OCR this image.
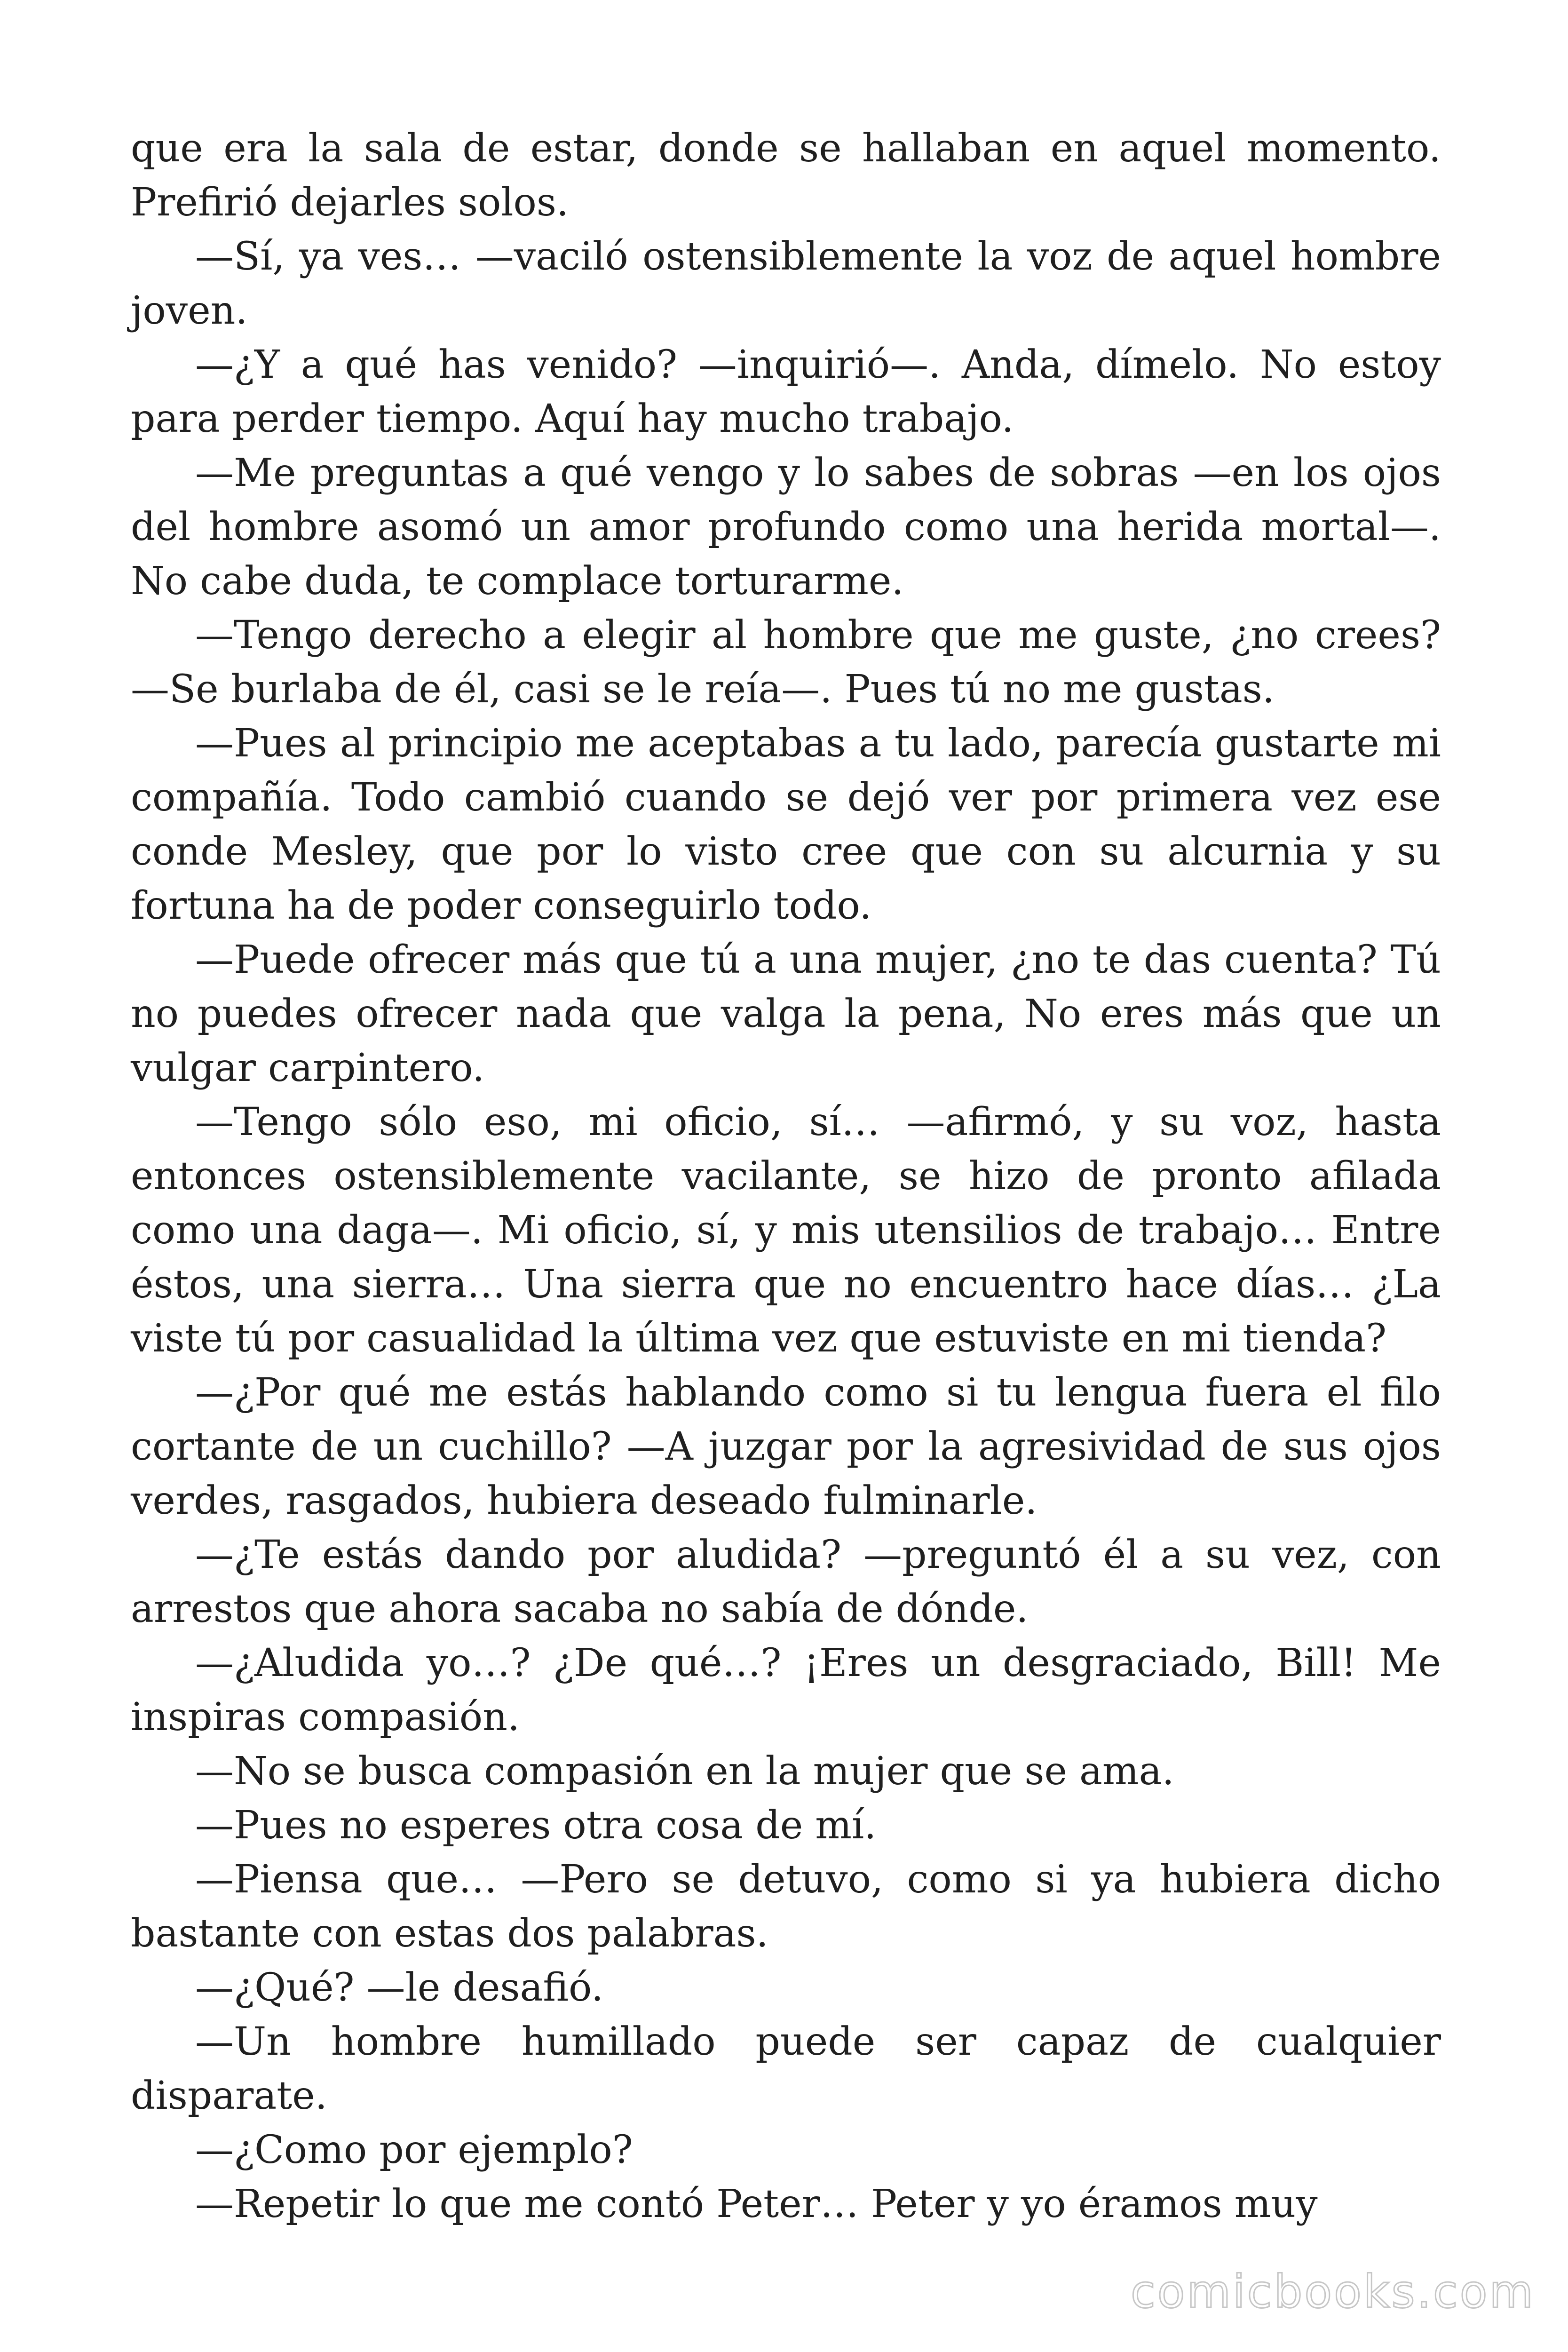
que era la sala de estar, donde se hallaban en aquel momento. Prefirió dejarles solos.

—Sí, ya ves… —vaciló ostensiblemente la voz de aquel hombre joven.

—¿Y a qué has venido? —inquirió—. Anda, dímelo. No estoy para perder tiempo. Aquí hay mucho trabajo.

—Me preguntas a qué vengo y lo sabes de sobras —en los ojos del hombre asomó un amor profundo como una herida mortal—. No cabe duda, te complace torturarme.

—Tengo derecho a elegir al hombre que me guste, ¿no crees? —Se burlaba de él, casi se le reía—. Pues tú no me gustas.

—Pues al principio me aceptabas a tu lado, parecía gustarte mi compañía. Todo cambió cuando se dejó ver por primera vez ese conde Mesley, que por lo visto cree que con su alcurnia y su fortuna ha de poder conseguirlo todo.

—Puede ofrecer más que tú a una mujer, ¿no te das cuenta? Tú no puedes ofrecer nada que valga la pena, No eres más que un vulgar carpintero.

—Tengo sólo eso, mi oficio, sí… —afirmó, y su voz, hasta entonces ostensiblemente vacilante, se hizo de pronto afilada como una daga—. Mi oficio, sí, y mis utensilios de trabajo… Entre éstos, una sierra… Una sierra que no encuentro hace días… ¿La viste tú por casualidad la última vez que estuviste en mi tienda?

—¿Por qué me estás hablando como si tu lengua fuera el filo cortante de un cuchillo? —A juzgar por la agresividad de sus ojos verdes, rasgados, hubiera deseado fulminarle.

—¿Te estás dando por aludida? —preguntó él a su vez, con arrestos que ahora sacaba no sabía de dónde.

—¿Aludida yo…? ¿De qué…? ¡Eres un desgraciado, Bill! Me inspiras compasión.

—No se busca compasión en la mujer que se ama.

—Pues no esperes otra cosa de mí.

—Piensa que… —Pero se detuvo, como si ya hubiera dicho bastante con estas dos palabras.

—¿Qué? —le desafió.

—Un hombre humillado puede ser capaz de cualquier disparate.

—¿Como por ejemplo?

—Repetir lo que me contó Peter… Peter y yo éramos muy

comicbooks.com
